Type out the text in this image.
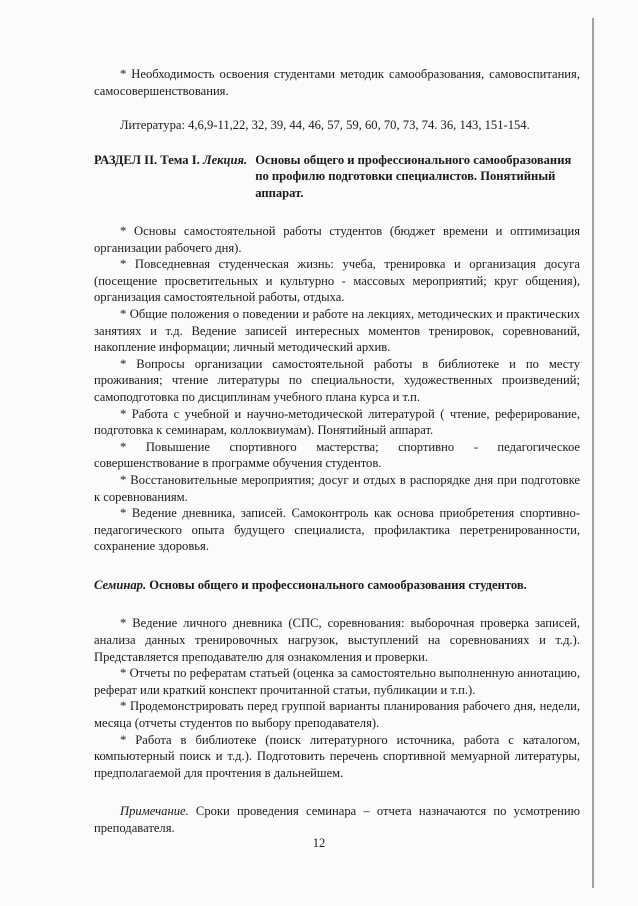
* Необходимость освоения студентами методик самообразования, самовоспитания, самосовершенствования.

Литература: 4,6,9-11,22, 32, 39, 44, 46, 57, 59, 60, 70, 73, 74. 36, 143, 151-154.

РАЗДЕЛ II. Тема I. Лекция. Основы общего и профессионального самообразования по профилю подготовки специалистов. Понятийный аппарат.

* Основы самостоятельной работы студентов (бюджет времени и оптимизация организации рабочего дня).

* Повседневная студенческая жизнь: учеба, тренировка и организация досуга (посещение просветительных и культурно - массовых мероприятий; круг общения), организация самостоятельной работы, отдыха.

* Общие положения о поведении и работе на лекциях, методических и практических занятиях и т.д. Ведение записей интересных моментов тренировок, соревнований, накопление информации; личный методический архив.

* Вопросы организации самостоятельной работы в библиотеке и по месту проживания; чтение литературы по специальности, художественных произведений; самоподготовка по дисциплинам учебного плана курса и т.п.

* Работа с учебной и научно-методической литературой ( чтение, реферирование, подготовка к семинарам, коллоквиумам). Понятийный аппарат.

* Повышение спортивного мастерства; спортивно - педагогическое совершенствование в программе обучения студентов.

* Восстановительные мероприятия; досуг и отдых в распорядке дня при подготовке к соревнованиям.

* Ведение дневника, записей. Самоконтроль как основа приобретения спортивно- педагогического опыта будущего специалиста, профилактика перетренированности, сохранение здоровья.

Семинар. Основы общего и профессионального самообразования студентов.

* Ведение личного дневника (СПС, соревнования: выборочная проверка записей, анализа данных тренировочных нагрузок, выступлений на соревнованиях и т.д.). Представляется преподавателю для ознакомления и проверки.

* Отчеты по рефератам статьей (оценка за самостоятельно выполненную аннотацию, реферат или краткий конспект прочитанной статьи, публикации и т.п.).

* Продемонстрировать перед группой варианты планирования рабочего дня, недели, месяца (отчеты студентов по выбору преподавателя).

* Работа в библиотеке (поиск литературного источника, работа с каталогом, компьютерный поиск и т.д.). Подготовить перечень спортивной мемуарной литературы, предполагаемой для прочтения в дальнейшем.

Примечание. Сроки проведения семинара – отчета назначаются по усмотрению преподавателя.

12
